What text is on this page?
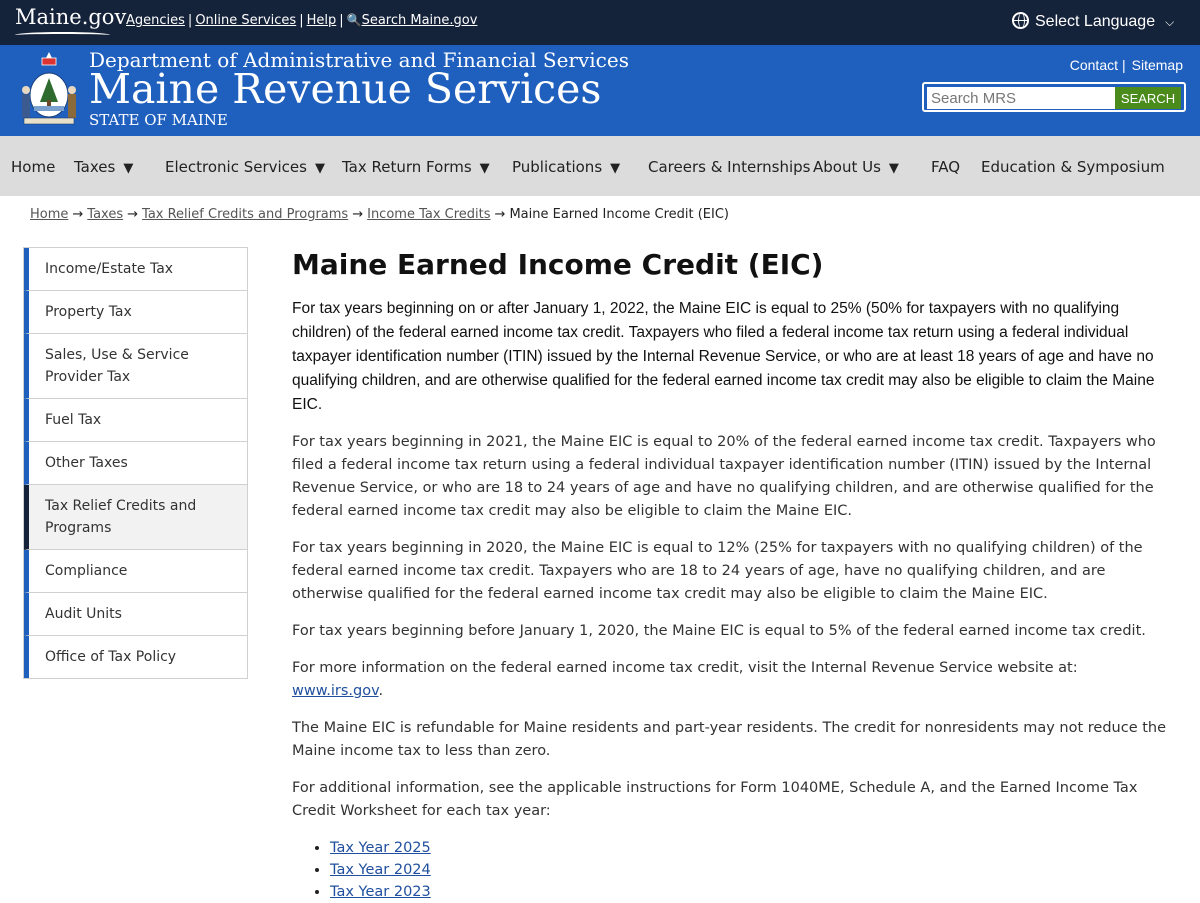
Maine.gov Agencies | Online Services | Help | 🔍Search Maine.gov	Select Language ⌵
Department of Administrative and Financial Services
Maine Revenue Services
STATE OF MAINE
Contact | Sitemap
Search MRS
SEARCH
Home Taxes ▼ Electronic Services ▼ Tax Return Forms ▼ Publications ▼ Careers & Internships About Us ▼ FAQ Education & Symposium
Home → Taxes → Tax Relief Credits and Programs → Income Tax Credits → Maine Earned Income Credit (EIC)
Income/Estate Tax
Property Tax
Sales, Use & Service Provider Tax
Fuel Tax
Other Taxes
Tax Relief Credits and Programs
Compliance
Audit Units
Office of Tax Policy
Maine Earned Income Credit (EIC)

For tax years beginning on or after January 1, 2022, the Maine EIC is equal to 25% (50% for taxpayers with no qualifying children) of the federal earned income tax credit. Taxpayers who filed a federal income tax return using a federal individual taxpayer identification number (ITIN) issued by the Internal Revenue Service, or who are at least 18 years of age and have no qualifying children, and are otherwise qualified for the federal earned income tax credit may also be eligible to claim the Maine EIC.

For tax years beginning in 2021, the Maine EIC is equal to 20% of the federal earned income tax credit. Taxpayers who filed a federal income tax return using a federal individual taxpayer identification number (ITIN) issued by the Internal Revenue Service, or who are 18 to 24 years of age and have no qualifying children, and are otherwise qualified for the federal earned income tax credit may also be eligible to claim the Maine EIC.

For tax years beginning in 2020, the Maine EIC is equal to 12% (25% for taxpayers with no qualifying children) of the federal earned income tax credit. Taxpayers who are 18 to 24 years of age, have no qualifying children, and are otherwise qualified for the federal earned income tax credit may also be eligible to claim the Maine EIC.

For tax years beginning before January 1, 2020, the Maine EIC is equal to 5% of the federal earned income tax credit.

For more information on the federal earned income tax credit, visit the Internal Revenue Service website at: www.irs.gov.

The Maine EIC is refundable for Maine residents and part-year residents. The credit for nonresidents may not reduce the Maine income tax to less than zero.

For additional information, see the applicable instructions for Form 1040ME, Schedule A, and the Earned Income Tax Credit Worksheet for each tax year:

• Tax Year 2025
• Tax Year 2024
• Tax Year 2023
